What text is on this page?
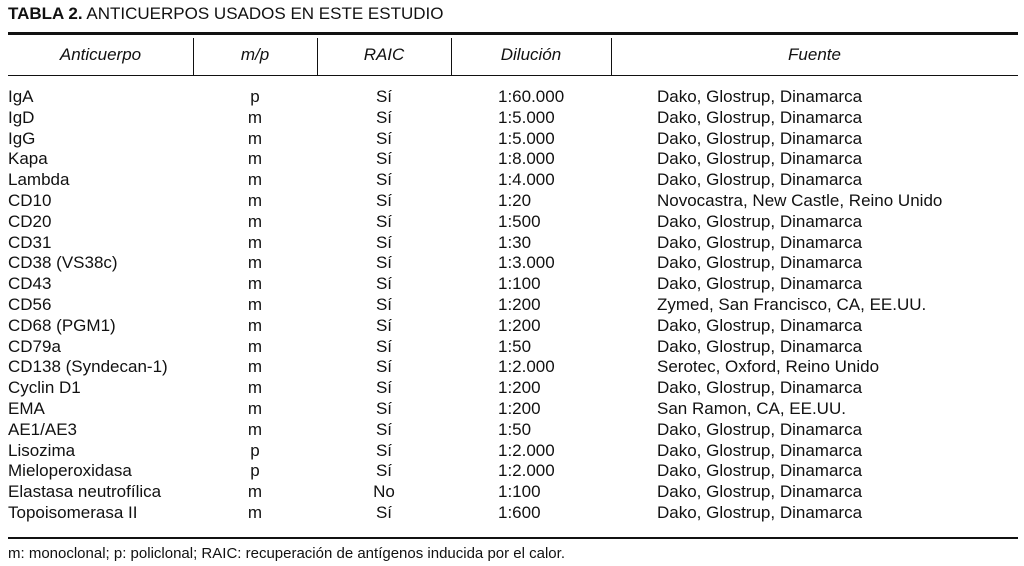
TABLA 2. ANTICUERPOS USADOS EN ESTE ESTUDIO
Anticuerpo	m/p	RAIC	Dilución	Fuente
IgA	p	Sí	1:60.000	Dako, Glostrup, Dinamarca
IgD	m	Sí	1:5.000	Dako, Glostrup, Dinamarca
IgG	m	Sí	1:5.000	Dako, Glostrup, Dinamarca
Kapa	m	Sí	1:8.000	Dako, Glostrup, Dinamarca
Lambda	m	Sí	1:4.000	Dako, Glostrup, Dinamarca
CD10	m	Sí	1:20	Novocastra, New Castle, Reino Unido
CD20	m	Sí	1:500	Dako, Glostrup, Dinamarca
CD31	m	Sí	1:30	Dako, Glostrup, Dinamarca
CD38 (VS38c)	m	Sí	1:3.000	Dako, Glostrup, Dinamarca
CD43	m	Sí	1:100	Dako, Glostrup, Dinamarca
CD56	m	Sí	1:200	Zymed, San Francisco, CA, EE.UU.
CD68 (PGM1)	m	Sí	1:200	Dako, Glostrup, Dinamarca
CD79a	m	Sí	1:50	Dako, Glostrup, Dinamarca
CD138 (Syndecan-1)	m	Sí	1:2.000	Serotec, Oxford, Reino Unido
Cyclin D1	m	Sí	1:200	Dako, Glostrup, Dinamarca
EMA	m	Sí	1:200	San Ramon, CA, EE.UU.
AE1/AE3	m	Sí	1:50	Dako, Glostrup, Dinamarca
Lisozima	p	Sí	1:2.000	Dako, Glostrup, Dinamarca
Mieloperoxidasa	p	Sí	1:2.000	Dako, Glostrup, Dinamarca
Elastasa neutrofílica	m	No	1:100	Dako, Glostrup, Dinamarca
Topoisomerasa II	m	Sí	1:600	Dako, Glostrup, Dinamarca
m: monoclonal; p: policlonal; RAIC: recuperación de antígenos inducida por el calor.
